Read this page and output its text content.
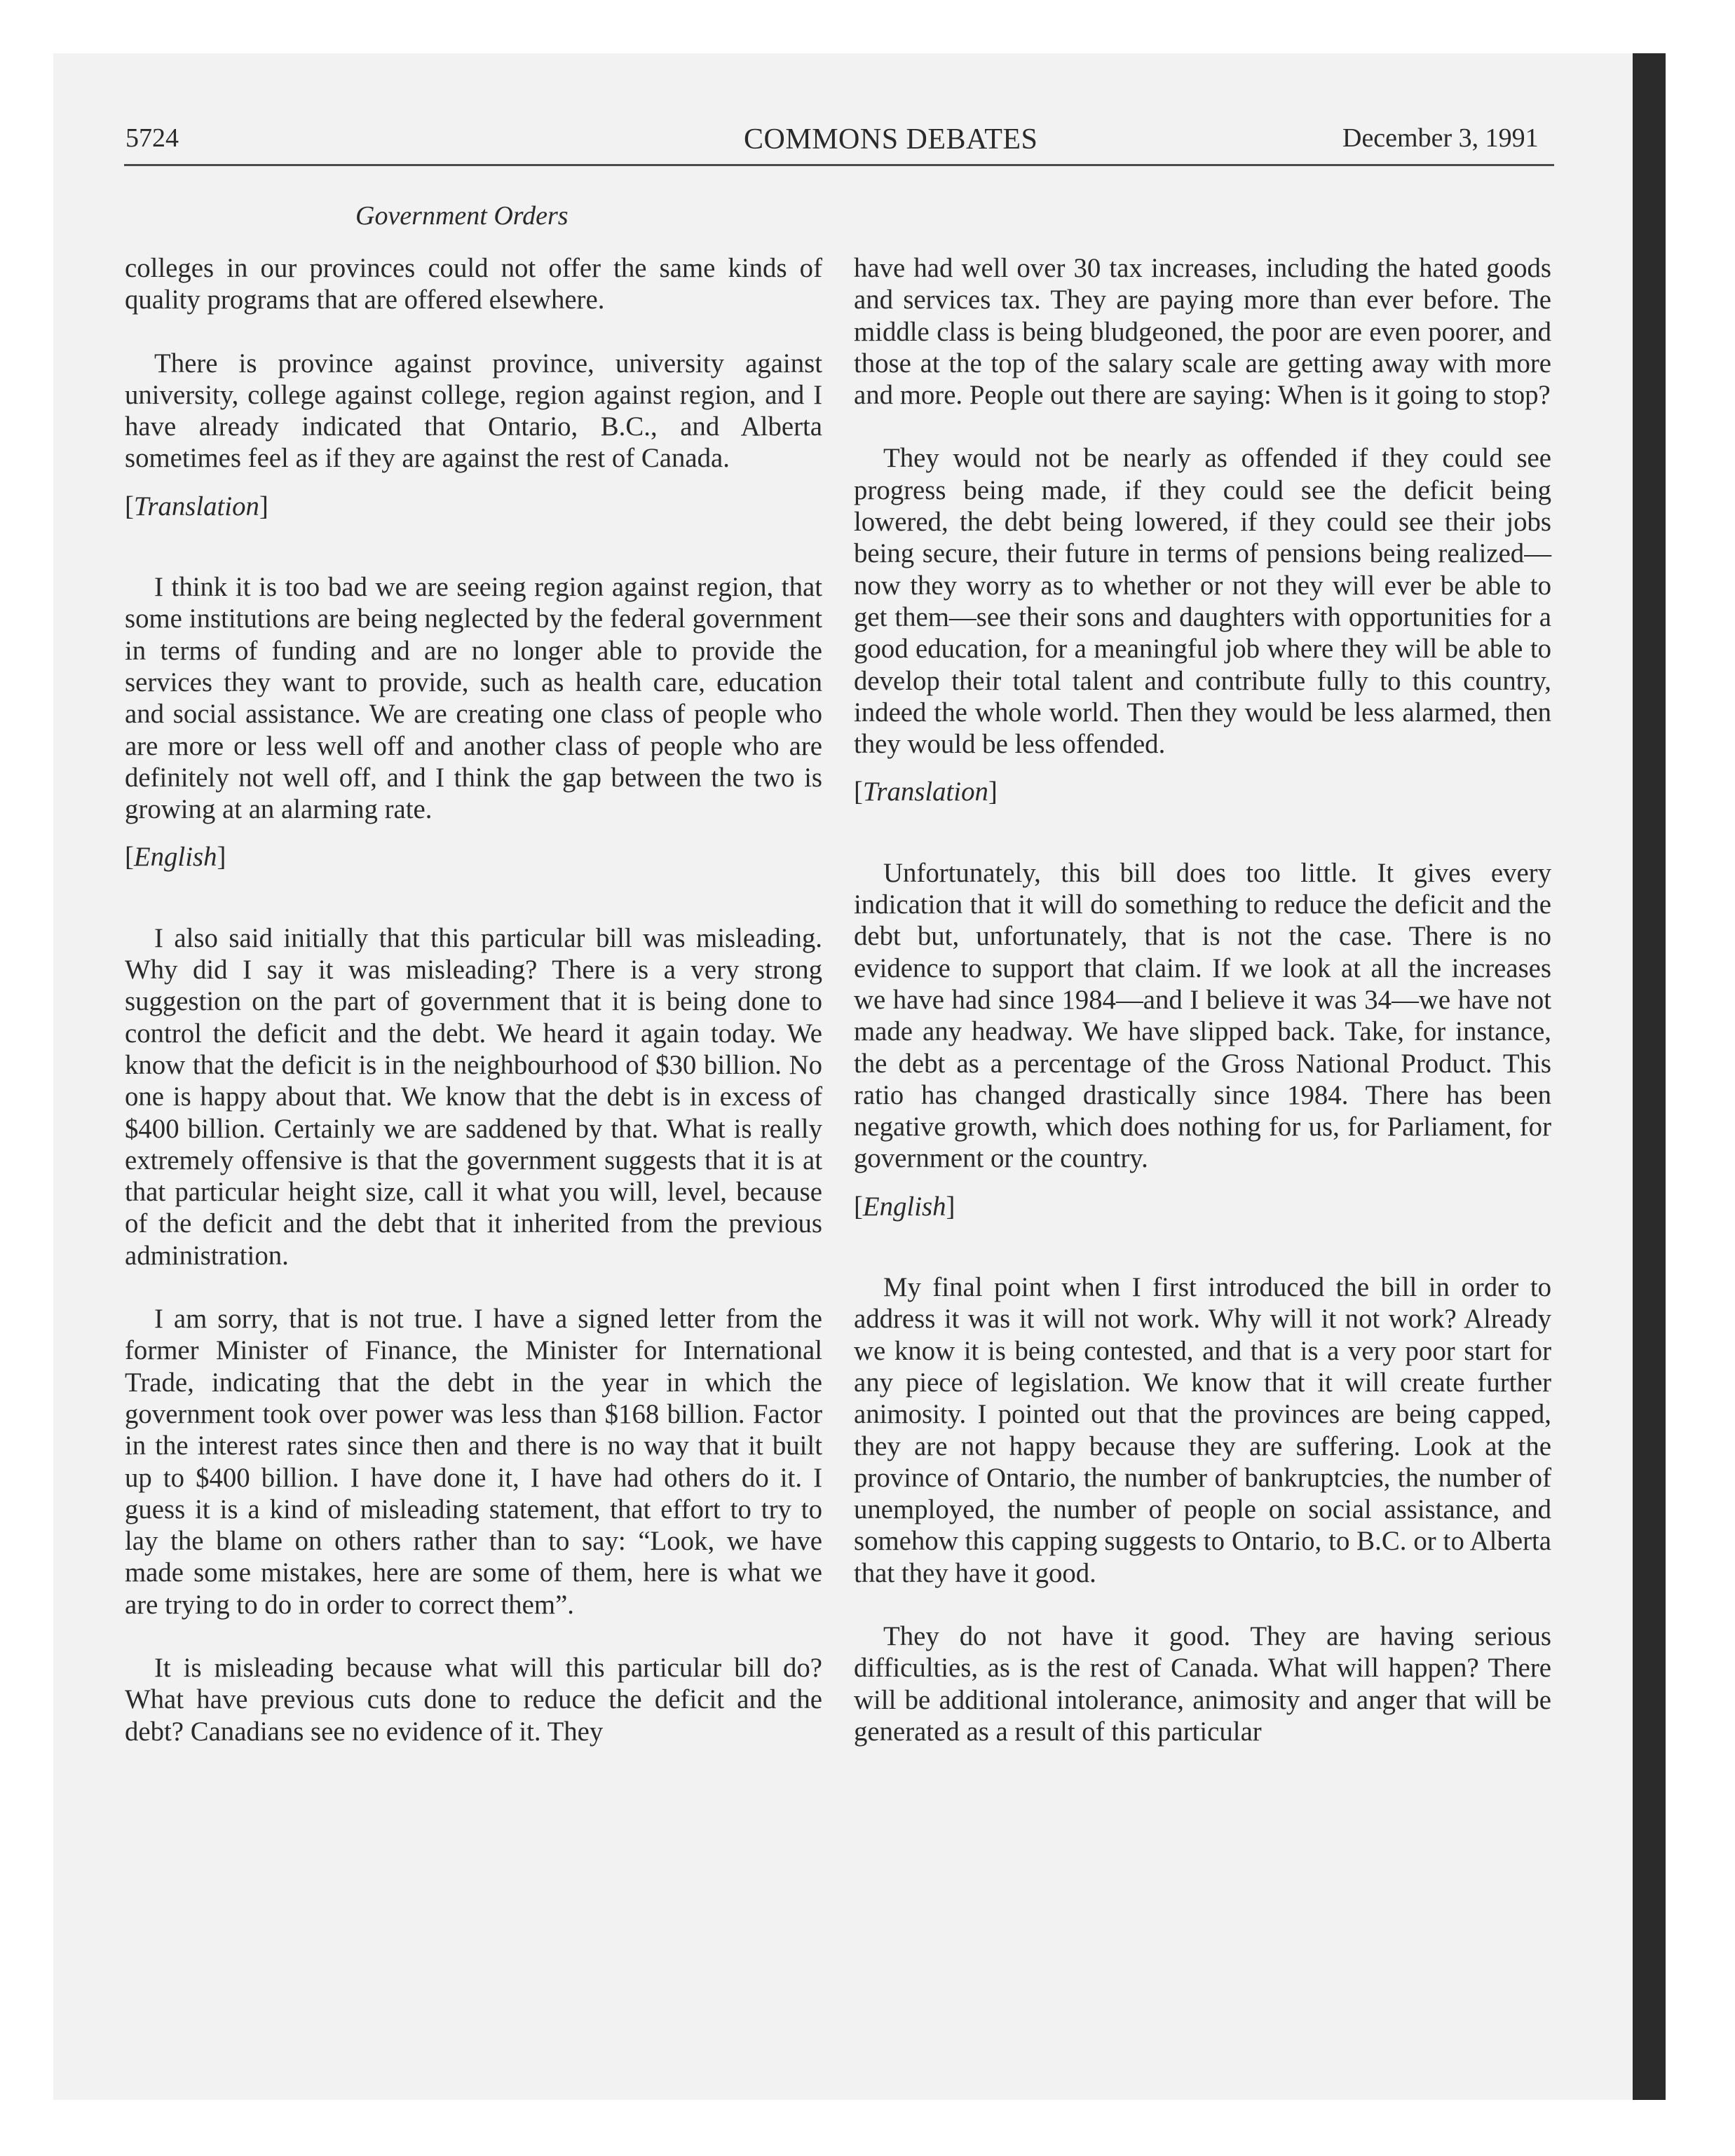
5724	COMMONS DEBATES	December 3, 1991
Government Orders

colleges in our provinces could not offer the same kinds of quality programs that are offered elsewhere.

There is province against province, university against university, college against college, region against region, and I have already indicated that Ontario, B.C., and Alberta sometimes feel as if they are against the rest of Canada.

[Translation]

I think it is too bad we are seeing region against region, that some institutions are being neglected by the federal government in terms of funding and are no longer able to provide the services they want to provide, such as health care, education and social assistance. We are creating one class of people who are more or less well off and another class of people who are definitely not well off, and I think the gap between the two is growing at an alarming rate.

[English]

I also said initially that this particular bill was misleading. Why did I say it was misleading? There is a very strong suggestion on the part of government that it is being done to control the deficit and the debt. We heard it again today. We know that the deficit is in the neighbourhood of $30 billion. No one is happy about that. We know that the debt is in excess of $400 billion. Certainly we are saddened by that. What is really extremely offensive is that the government suggests that it is at that particular height size, call it what you will, level, because of the deficit and the debt that it inherited from the previous administration.

I am sorry, that is not true. I have a signed letter from the former Minister of Finance, the Minister for International Trade, indicating that the debt in the year in which the government took over power was less than $168 billion. Factor in the interest rates since then and there is no way that it built up to $400 billion. I have done it, I have had others do it. I guess it is a kind of misleading statement, that effort to try to lay the blame on others rather than to say: “Look, we have made some mistakes, here are some of them, here is what we are trying to do in order to correct them”.

It is misleading because what will this particular bill do? What have previous cuts done to reduce the deficit and the debt? Canadians see no evidence of it. They

have had well over 30 tax increases, including the hated goods and services tax. They are paying more than ever before. The middle class is being bludgeoned, the poor are even poorer, and those at the top of the salary scale are getting away with more and more. People out there are saying: When is it going to stop?

They would not be nearly as offended if they could see progress being made, if they could see the deficit being lowered, the debt being lowered, if they could see their jobs being secure, their future in terms of pensions being realized—now they worry as to whether or not they will ever be able to get them—see their sons and daughters with opportunities for a good education, for a meaningful job where they will be able to develop their total talent and contribute fully to this country, indeed the whole world. Then they would be less alarmed, then they would be less offended.

[Translation]

Unfortunately, this bill does too little. It gives every indication that it will do something to reduce the deficit and the debt but, unfortunately, that is not the case. There is no evidence to support that claim. If we look at all the increases we have had since 1984—and I believe it was 34—we have not made any headway. We have slipped back. Take, for instance, the debt as a percentage of the Gross National Product. This ratio has changed drastically since 1984. There has been negative growth, which does nothing for us, for Parliament, for government or the country.

[English]

My final point when I first introduced the bill in order to address it was it will not work. Why will it not work? Already we know it is being contested, and that is a very poor start for any piece of legislation. We know that it will create further animosity. I pointed out that the provinces are being capped, they are not happy because they are suffering. Look at the province of Ontario, the number of bankruptcies, the number of unemployed, the number of people on social assistance, and somehow this capping suggests to Ontario, to B.C. or to Alberta that they have it good.

They do not have it good. They are having serious difficulties, as is the rest of Canada. What will happen? There will be additional intolerance, animosity and anger that will be generated as a result of this particular
